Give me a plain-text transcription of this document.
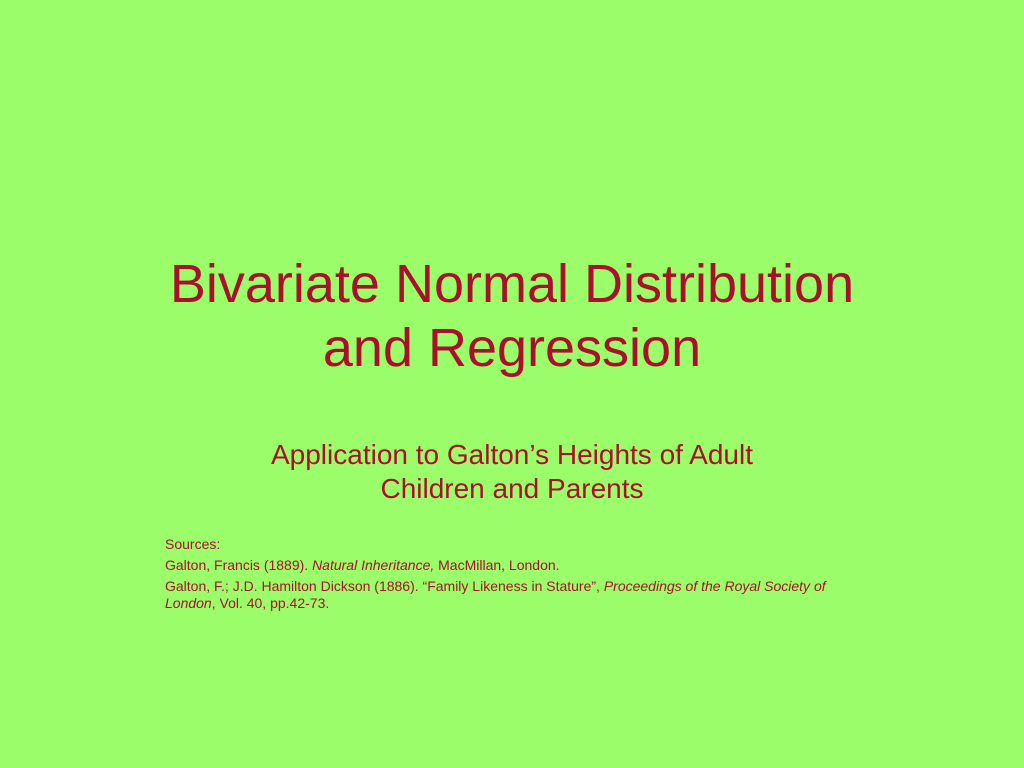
Bivariate Normal Distribution
and Regression
Application to Galton’s Heights of Adult
Children and Parents

Sources:

Galton, Francis (1889). Natural Inheritance, MacMillan, London.

Galton, F.; J.D. Hamilton Dickson (1886). “Family Likeness in Stature”, Proceedings of the Royal Society of London, Vol. 40, pp.42-73.
